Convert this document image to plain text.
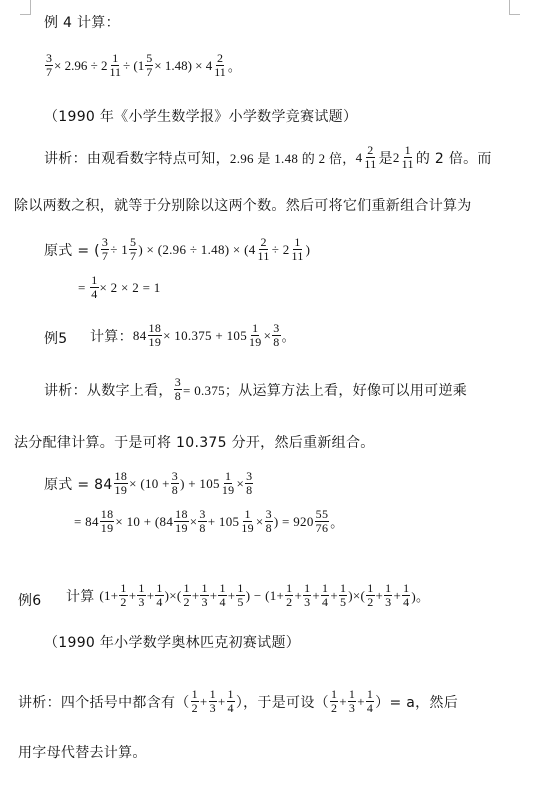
例 4 计算：
$\frac{3}{7} \times 2.96 \div 2 \frac{1}{11} \div (1 \frac{5}{7} \times 1.48) \times 4 \frac{2}{11}$ 。
（1990 年《小学生数学报》小学数学竞赛试题）
讲析：由观看数字特点可知， 2.96 是 1.48 的 2 倍， $4 \frac{2}{11}$ 是 $2 \frac{1}{11}$ 的 2 倍。而
除以两数之积，就等于分别除以这两个数。然后可将它们重新组合计算为
原式 = ( $\frac{3}{7} \div 1 \frac{5}{7}$ ) × $(2.96 \div 1.48) \times (4 \frac{2}{11} \div 2 \frac{1}{11}$ )
= $\frac{1}{4} \times 2 \times 2 = 1$
例5 计算： $84 \frac{18}{19} \times 10.375 + 105 \frac{1}{19} \times \frac{3}{8}$ 。
讲析：从数字上看， $\frac{3}{8} = 0.375$； 从运算方法上看，好像可以用可逆乘
法分配律计算。于是可将 10.375 分开，然后重新组合。
原式 = $84 \frac{18}{19} \times (10 + \frac{3}{8}$ ) + $105 \frac{1}{19} \times \frac{3}{8}$
= $84 \frac{18}{19} \times 10 + (84 \frac{18}{19} \times \frac{3}{8} + 105 \frac{1}{19} \times \frac{3}{8}$ ) = $920 \frac{55}{76}$ 。
例6 计算 ($1+ \frac{1}{2} + \frac{1}{3} + \frac{1}{4}$ )×( $\frac{1}{2} + \frac{1}{3} + \frac{1}{4} + \frac{1}{5}$ ) − ($1+ \frac{1}{2} + \frac{1}{3} + \frac{1}{4} + \frac{1}{5}$ )×( $\frac{1}{2} + \frac{1}{3} + \frac{1}{4}$ )。
（1990 年小学数学奥林匹克初赛试题）
讲析：四个括号中都含有（ $\frac{1}{2} + \frac{1}{3} + \frac{1}{4}$ ），于是可设（ $\frac{1}{2} + \frac{1}{3} + \frac{1}{4}$ ）= a，然后
用字母代替去计算。
